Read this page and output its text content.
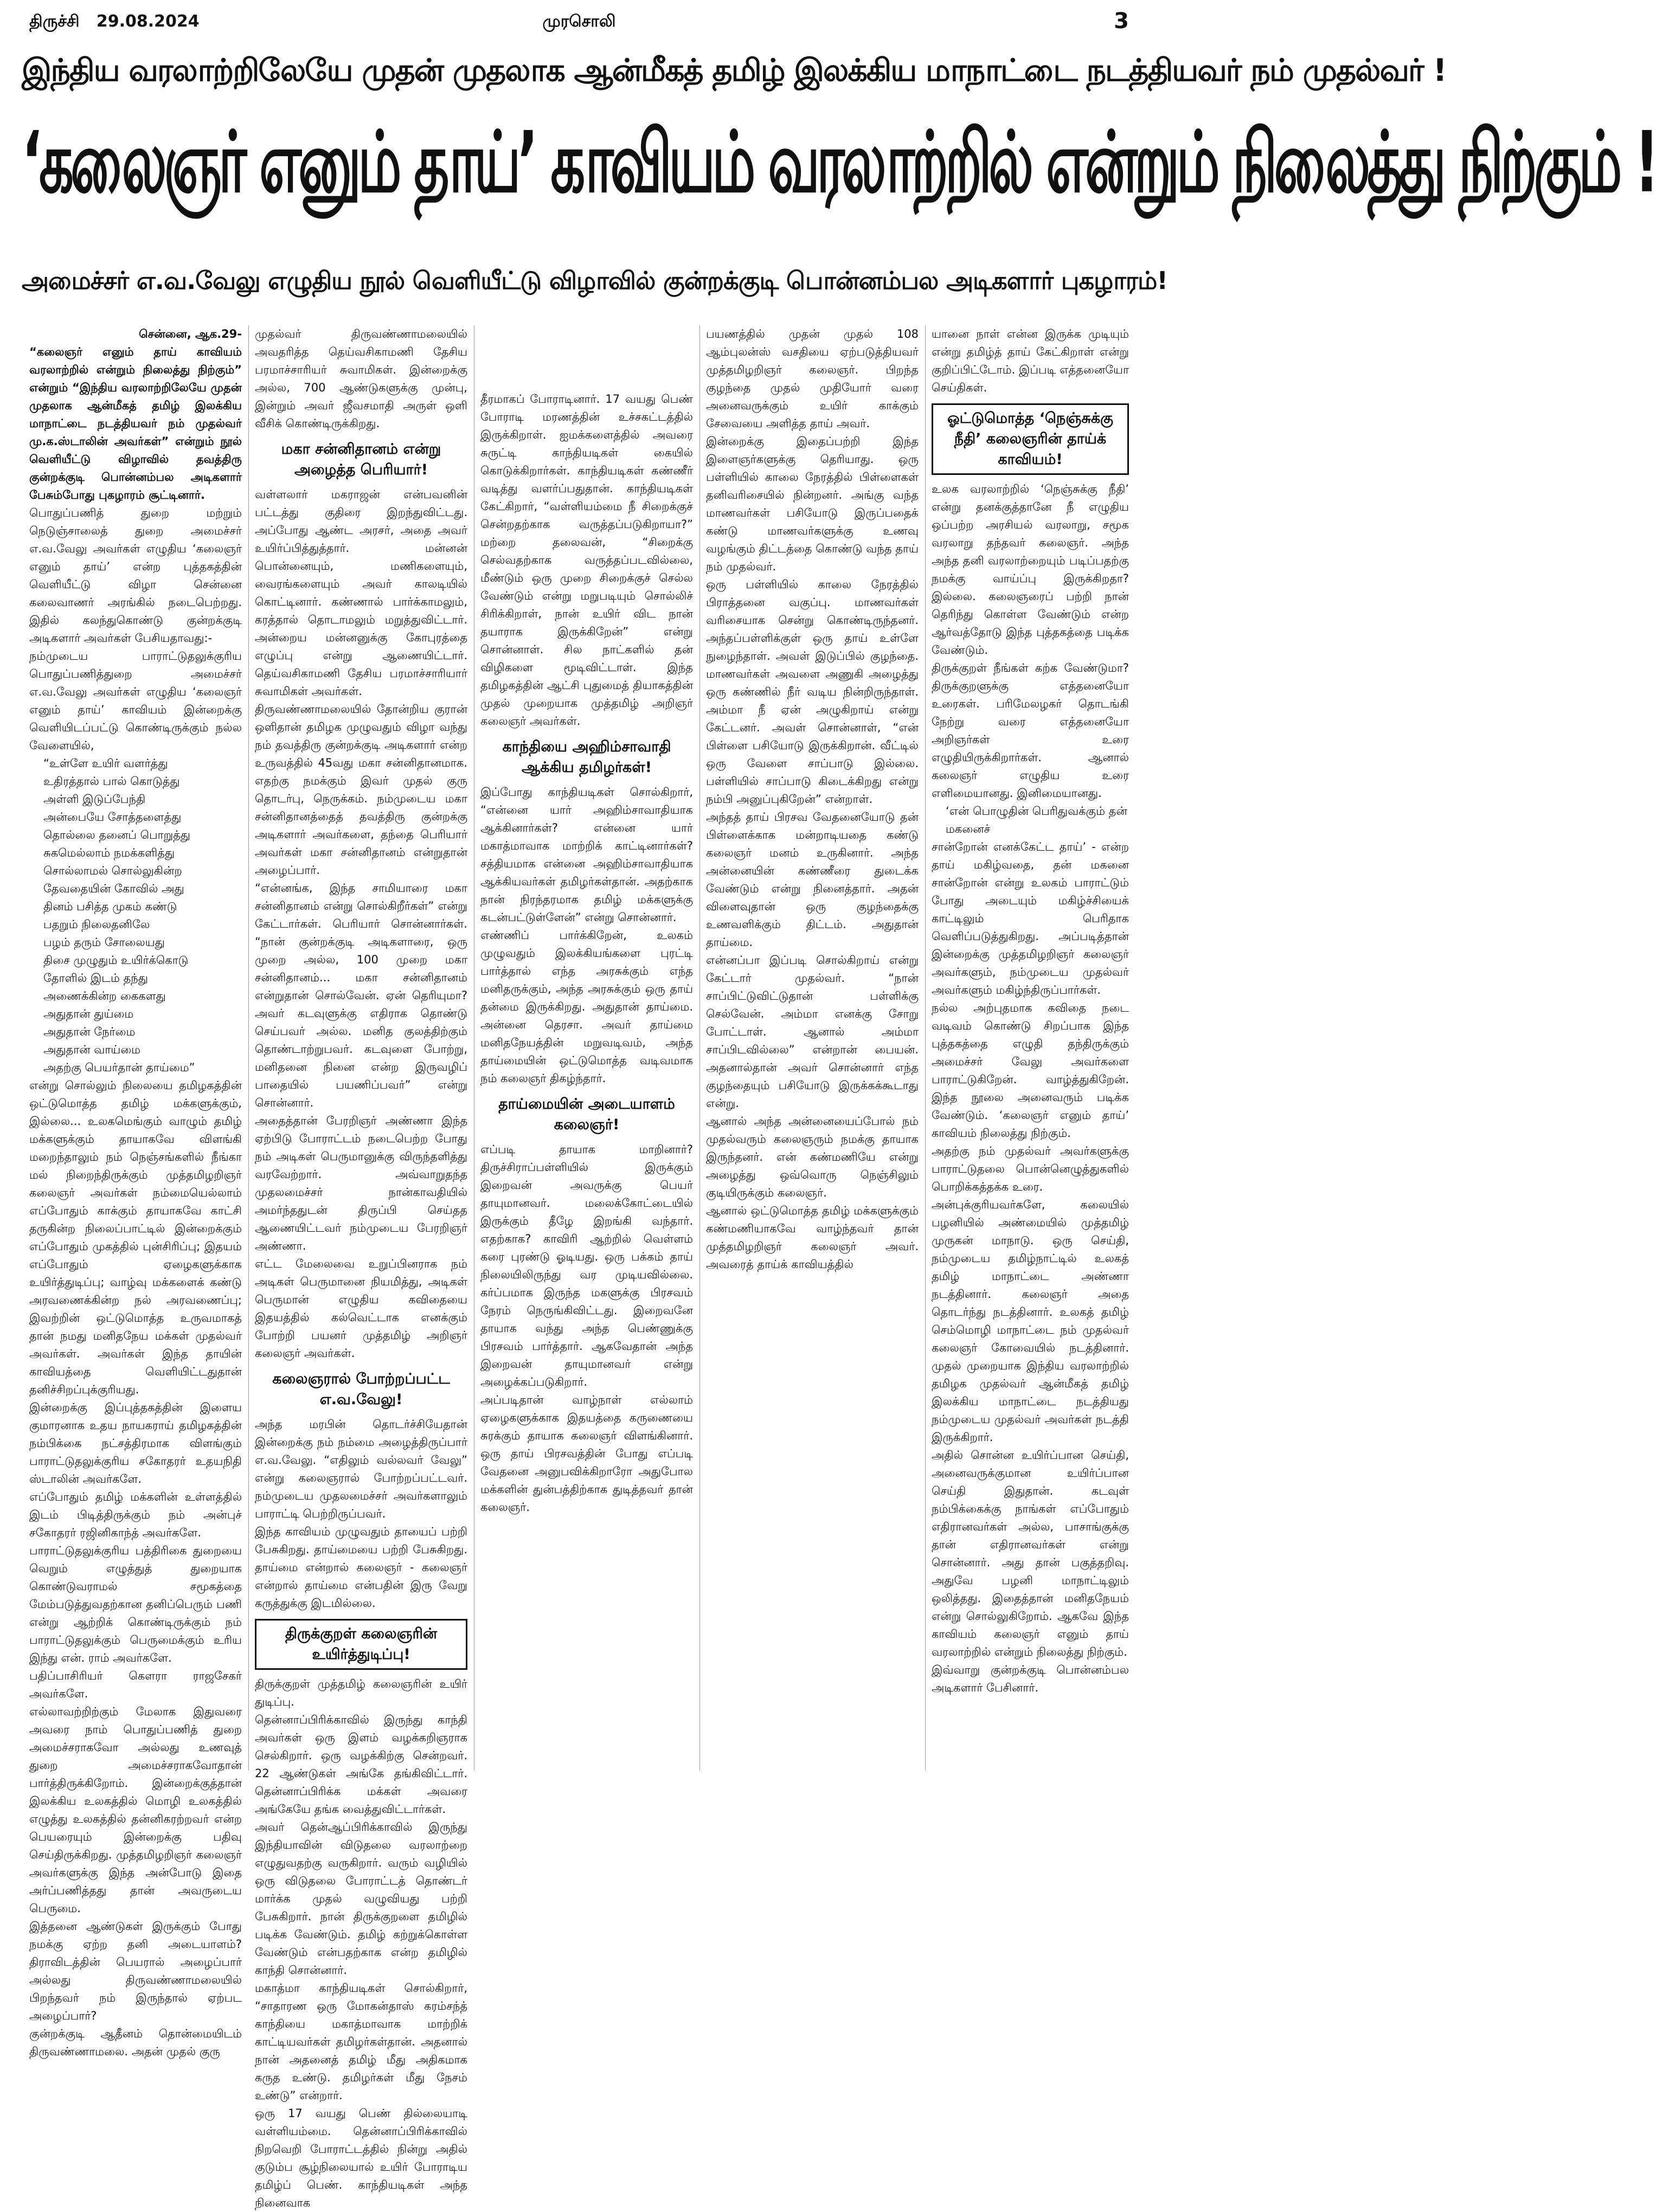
திருச்சி 29.08.2024	முரசொலி	3
இந்திய வரலாற்றிலேயே முதன் முதலாக ஆன்மீகத் தமிழ் இலக்கிய மாநாட்டை நடத்தியவர் நம் முதல்வர் !
‘கலைஞர் எனும் தாய்’ காவியம் வரலாற்றில் என்றும் நிலைத்து நிற்கும் !
அமைச்சர் எ.வ.வேலு எழுதிய நூல் வெளியீட்டு விழாவில் குன்றக்குடி பொன்னம்பல அடிகளார் புகழாரம்!

சென்னை, ஆக.29-

“கலைஞர் எனும் தாய் காவியம் வரலாற்றில் என்றும் நிலைத்து நிற்கும்” என்றும் “இந்திய வரலாற்றிலேயே முதன் முதலாக ஆன்மீகத் தமிழ் இலக்கிய மாநாட்டை நடத்தியவர் நம் முதல்வர் மு.க.ஸ்டாலின் அவர்கள்” என்றும் நூல் வெளியீட்டு விழாவில் தவத்திரு குன்றக்குடி பொன்னம்பல அடிகளார் பேசும்போது புகழாரம் சூட்டினார்.

பொதுப்பணித் துறை மற்றும் நெடுஞ்சாலைத் துறை அமைச்சர் எ.வ.வேலு அவர்கள் எழுதிய ‘கலைஞர் எனும் தாய்’ என்ற புத்தகத்தின் வெளியீட்டு விழா சென்னை கலைவாணர் அரங்கில் நடைபெற்றது. இதில் கலந்துகொண்டு குன்றக்குடி அடிகளார் அவர்கள் பேசியதாவது:-

நம்முடைய பாராட்டுதலுக்குரிய பொதுப்பணித்துறை அமைச்சர் எ.வ.வேலு அவர்கள் எழுதிய ‘கலைஞர் எனும் தாய்’ காவியம் இன்றைக்கு வெளியிடப்பட்டு கொண்டிருக்கும் நல்ல வேளையில்,

“உள்ளே உயிர் வளர்த்து

உதிரத்தால் பால் கொடுத்து

அள்ளி இடுப்பேந்தி

அன்பையே சோத்தளைத்து

தொல்லை தனைப் பொறுத்து

சுகமெல்லாம் நமக்களித்து

சொல்லாமல் சொல்லுகின்ற

தேவதையின் கோவில் அது

தினம் பசித்த முகம் கண்டு

பதறும் நிலைதனிலே

பழம் தரும் சோலையது

திசை முழுதும் உயிர்க்கொடு

தோளில் இடம் தந்து

அணைக்கின்ற கைகளது

அதுதான் துய்மை

அதுதான் நேர்மை

அதுதான் வாய்மை

அதற்கு பெயர்தான் தாய்மை”

என்று சொல்லும் நிலையை தமிழகத்தின் ஒட்டுமொத்த தமிழ் மக்களுக்கும், இல்லை... உலகமெங்கும் வாழும் தமிழ் மக்களுக்கும் தாயாகவே விளங்கி மறைந்தாலும் நம் நெஞ்சங்களில் நீங்கா மல் நிறைந்திருக்கும் முத்தமிழறிஞர் கலைஞர் அவர்கள் நம்மையெல்லாம் எப்போதும் காக்கும் தாயாகவே காட்சி தருகின்ற நிலைப்பாட்டில் இன்றைக்கும் எப்போதும் முகத்தில் புன்சிரிப்பு; இதயம் எப்போதும் ஏழைகளுக்காக உயிர்த்துடிப்பு; வாழ்வு மக்களைக் கண்டு அரவணைக்கின்ற நல் அரவணைப்பு; இவற்றின் ஒட்டுமொத்த உருவமாகத் தான் நமது மனிதநேய மக்கள் முதல்வர் அவர்கள். அவர்கள் இந்த தாயின் காவியத்தை வெளியிட்டதுதான் தனிச்சிறப்புக்குரியது.

இன்றைக்கு இப்புத்தகத்தின் இளைய குமாரனாக உதய நாயகராய் தமிழகத்தின் நம்பிக்கை நட்சத்திரமாக விளங்கும் பாராட்டுதலுக்குரிய சகோதரர் உதயநிதி ஸ்டாலின் அவர்களே.

எப்போதும் தமிழ் மக்களின் உள்ளத்தில் இடம் பிடித்திருக்கும் நம் அன்புச் சகோதரர் ரஜினிகாந்த் அவர்களே.

பாராட்டுதலுக்குரிய பத்திரிகை துறையை வெறும் எழுத்துத் துறையாக கொண்டுவராமல் சமூகத்தை மேம்படுத்துவதற்கான தனிப்பெரும் பணி என்று ஆற்றிக் கொண்டிருக்கும் நம் பாராட்டுதலுக்கும் பெருமைக்கும் உரிய இந்து என். ராம் அவர்களே.

பதிப்பாசிரியர் கௌரா ராஜசேகர் அவர்களே.

எல்லாவற்றிற்கும் மேலாக இதுவரை அவரை நாம் பொதுப்பணித் துறை அமைச்சராகவோ அல்லது உணவுத் துறை அமைச்சராகவோதான் பார்த்திருக்கிறோம். இன்றைக்குத்தான் இலக்கிய உலகத்தில் மொழி உலகத்தில் எழுத்து உலகத்தில் தன்னிகரற்றவர் என்ற பெயரையும் இன்றைக்கு பதிவு செய்திருக்கிறது. முத்தமிழறிஞர் கலைஞர் அவர்களுக்கு இந்த அன்போடு இதை அர்ப்பணித்தது தான் அவருடைய பெருமை.

இத்தனை ஆண்டுகள் இருக்கும் போது நமக்கு ஏற்ற தனி அடையாளம்? திராவிடத்தின் பெயரால் அழைப்பார் அல்லது திருவண்ணாமலையில் பிறந்தவர் நம் இருந்தால் ஏற்பட அழைப்பார்?

குன்றக்குடி ஆதீனம் தொன்மையிடம் திருவண்ணாமலை. அதன் முதல் குரு

முதல்வர் திருவண்ணாமலையில் அவதரித்த தெய்வசிகாமணி தேசிய பரமாச்சாரியர் சுவாமிகள். இன்றைக்கு அல்ல, 700 ஆண்டுகளுக்கு முன்பு, இன்றும் அவர் ஜீவசமாதி அருள் ஒளி வீசிக் கொண்டிருக்கிறது.

மகா சன்னிதானம் என்று அழைத்த பெரியார்!

வள்ளலார் மகராஜன் என்பவனின் பட்டத்து குதிரை இறந்துவிட்டது. அப்போது ஆண்ட அரசர், அதை அவர் உயிர்ப்பித்துத்தார். மன்னன் பொன்னையும், மணிகளையும், வைரங்களையும் அவர் காலடியில் கொட்டினார். கண்ணால் பார்க்காமலும், கரத்தால் தொடாமலும் மறுத்துவிட்டார். அன்றைய மன்னனுக்கு கோபுரத்தை எழுப்பு என்று ஆணையிட்டார். தெய்வசிகாமணி தேசிய பரமாச்சாரியார் சுவாமிகள் அவர்கள்.

திருவண்ணாமலையில் தோன்றிய குரான் ஒளிதான் தமிழக முழுவதும் விழா வந்து நம் தவத்திரு குன்றக்குடி அடிகளார் என்ற உருவத்தில் 45வது மகா சன்னிதானமாக. எதற்கு நமக்கும் இவர் முதல் குரு தொடர்பு, நெருக்கம். நம்முடைய மகா சன்னிதானத்தைத் தவத்திரு குன்றக்கு அடிகளார் அவர்களை, தந்தை பெரியார் அவர்கள் மகா சன்னிதானம் என்றுதான் அழைப்பார்.

“என்னங்க, இந்த சாமியாரை மகா சன்னிதானம் என்று சொல்கிறீர்கள்” என்று கேட்டார்கள். பெரியார் சொன்னார்கள். “நான் குன்றக்குடி அடிகளாரை, ஒரு முறை அல்ல, 100 முறை மகா சன்னிதானம்... மகா சன்னிதானம் என்றுதான் சொல்வேன். ஏன் தெரியுமா? அவர் கடவுளுக்கு எதிராக தொண்டு செய்பவர் அல்ல. மனித குலத்திற்கும் தொண்டாற்றுபவர். கடவுளை போற்று, மனிதனை நினை என்ற இருவழிப் பாதையில் பயணிப்பவர்” என்று சொன்னார்.

அதைத்தான் பேரறிஞர் அண்ணா இந்த ஏற்பிடு போராட்டம் நடைபெற்ற போது நம் அடிகள் பெருமானுக்கு விருந்தளித்து வரவேற்றார். அவ்வாறுதந்த முதலமைச்சர் நான்காவதியில் அமர்ந்ததுடன் திருப்பி செய்தத ஆணையிட்டவர் நம்முடைய பேரறிஞர் அண்ணா.

எட்ட மேலைவை உறுப்பினராக நம் அடிகள் பெருமானை நியமித்து, அடிகள் பெருமான் எழுதிய கவிதையை இதயத்தில் கல்வெட்டாக எனக்கும் போற்றி பயனர் முத்தமிழ் அறிஞர் கலைஞர் அவர்கள்.

கலைஞரால் போற்றப்பட்ட எ.வ.வேலு!

அந்த மரபின் தொடர்ச்சியேதான் இன்றைக்கு நம் நம்மை அழைத்திருப்பார் எ.வ.வேலு. “எதிலும் வல்லவர் வேலு” என்று கலைஞரால் போற்றப்பட்டவர். நம்முடைய முதலமைச்சர் அவர்களாலும் பாராட்டி பெற்றிருப்பவர்.

இந்த காவியம் முழுவதும் தாயைப் பற்றி பேசுகிறது. தாய்மையை பற்றி பேசுகிறது. தாய்மை என்றால் கலைஞர் - கலைஞர் என்றால் தாய்மை என்பதின் இரு வேறு கருத்துக்கு இடமில்லை.

திருக்குறள் கலைஞரின் உயிர்த்துடிப்பு!

திருக்குறள் முத்தமிழ் கலைஞரின் உயிர் துடிப்பு.

தென்னாப்பிரிக்காவில் இருந்து காந்தி அவர்கள் ஒரு இளம் வழக்கறிஞராக செல்கிறார். ஒரு வழக்கிற்கு சென்றவர். 22 ஆண்டுகள் அங்கே தங்கிவிட்டார். தென்னாப்பிரிக்க மக்கள் அவரை அங்கேயே தங்க வைத்துவிட்டார்கள்.

அவர் தென்ஆப்பிரிக்காவில் இருந்து இந்தியாவின் விடுதலை வரலாற்றை எழுதுவதற்கு வருகிறார். வரும் வழியில் ஒரு விடுதலை போராட்டத் தொண்டர் மார்க்க முதல் வழுவியது பற்றி பேசுகிறார். நான் திருக்குறளை தமிழில் படிக்க வேண்டும். தமிழ் கற்றுக்கொள்ள வேண்டும் என்பதற்காக என்ற தமிழில் காந்தி சொன்னார்.

மகாத்மா காந்தியடிகள் சொல்கிறார், “சாதாரண ஒரு மோகன்தாஸ் கரம்சந்த் காந்தியை மகாத்மாவாக மாற்றிக் காட்டியவர்கள் தமிழர்கள்தான். அதனால் நான் அதனைத் தமிழ் மீது அதிகமாக கருத உண்டு. தமிழர்கள் மீது நேசம் உண்டு” என்றார்.

ஒரு 17 வயது பெண் தில்லையாடி வள்ளியம்மை. தென்னாப்பிரிக்காவில் நிறவெறி போராட்டத்தில் நின்று அதில் குடும்ப சூழ்நிலையால் உயிர் போராடிய தமிழ்ப் பெண். காந்தியடிகள் அந்த நினைவாக

தீரமாகப் போராடினார். 17 வயது பெண் போராடி மரணத்தின் உச்சகட்டத்தில் இருக்கிறாள். ஐமக்களைத்தில் அவரை சுருட்டி காந்தியடிகள் கையில் கொடுக்கிறார்கள். காந்தியடிகள் கண்ணீர் வடித்து வளர்ப்பதுதான். காந்தியடிகள் கேட்கிறார், “வள்ளியம்மை நீ சிறைக்குச் சென்றதற்காக வருத்தப்படுகிறாயா?” மற்றை தலைவன், “சிறைக்கு செல்வதற்காக வருத்தப்படவில்லை, மீண்டும் ஒரு முறை சிறைக்குச் செல்ல வேண்டும் என்று மறுபடியும் சொல்லிச் சிரிக்கிறாள், நான் உயிர் விட நான் தயாராக இருக்கிறேன்” என்று சொன்னாள். சில நாட்களில் தன் விழிகளை மூடிவிட்டாள். இந்த தமிழகத்தின் ஆட்சி புதுமைத் தியாகத்தின் முதல் முறையாக முத்தமிழ் அறிஞர் கலைஞர் அவர்கள்.

காந்தியை அஹிம்சாவாதி ஆக்கிய தமிழர்கள்!

இப்போது காந்தியடிகள் சொல்கிறார், “என்னை யார் அஹிம்சாவாதியாக ஆக்கினார்கள்? என்னை யார் மகாத்மாவாக மாற்றிக் காட்டினார்கள்? சத்தியமாக என்னை அஹிம்சாவாதியாக ஆக்கியவர்கள் தமிழர்கள்தான். அதற்காக நான் நிரந்தரமாக தமிழ் மக்களுக்கு கடன்பட்டுள்ளேன்” என்று சொன்னார்.

எண்ணிப் பார்க்கிறேன், உலகம் முழுவதும் இலக்கியங்களை புரட்டி பார்த்தால் எந்த அரசுக்கும் எந்த மனிதருக்கும், அந்த அரசுக்கும் ஒரு தாய் தன்மை இருக்கிறது. அதுதான் தாய்மை. அன்னை தெரசா. அவர் தாய்மை மனிதநேயத்தின் மறுவடிவம், அந்த தாய்மையின் ஒட்டுமொத்த வடிவமாக நம் கலைஞர் திகழ்ந்தார்.

தாய்மையின் அடையாளம் கலைஞர்!

எப்படி தாயாக மாறினார்? திருச்சிராப்பள்ளியில் இருக்கும் இறைவன் அவருக்கு பெயர் தாயுமானவர். மலைக்கோட்டையில் இருக்கும் தீழே இறங்கி வந்தார். எதற்காக? காவிரி ஆற்றில் வெள்ளம் கரை புரண்டு ஓடியது. ஒரு பக்கம் தாய் நிலையிலிருந்து வர முடியவில்லை. கர்ப்பமாக இருந்த மகளுக்கு பிரசவம் நேரம் நெருங்கிவிட்டது. இறைவனே தாயாக வந்து அந்த பெண்ணுக்கு பிரசவம் பார்த்தார். ஆகவேதான் அந்த இறைவன் தாயுமானவர் என்று அழைக்கப்படுகிறார்.

அப்படிதான் வாழ்நாள் எல்லாம் ஏழைகளுக்காக இதயத்தை கருணையை சுரக்கும் தாயாக கலைஞர் விளங்கினார். ஒரு தாய் பிரசவத்தின் போது எப்படி வேதனை அனுபவிக்கிறாரோ அதுபோல மக்களின் துன்பத்திற்காக துடித்தவர் தான் கலைஞர்.

பயணத்தில் முதன் முதல் 108 ஆம்புலன்ஸ் வசதியை ஏற்படுத்தியவர் முத்தமிழறிஞர் கலைஞர். பிறந்த குழந்தை முதல் முதியோர் வரை அனைவருக்கும் உயிர் காக்கும் சேவையை அளித்த தாய் அவர்.

இன்றைக்கு இதைப்பற்றி இந்த இளைஞர்களுக்கு தெரியாது. ஒரு பள்ளியில் காலை நேரத்தில் பிள்ளைகள் தனிவரிசையில் நின்றனர். அங்கு வந்த மாணவர்கள் பசியோடு இருப்பதைக் கண்டு மாணவர்களுக்கு உணவு வழங்கும் திட்டத்தை கொண்டு வந்த தாய் நம் முதல்வர்.

ஒரு பள்ளியில் காலை நேரத்தில் பிராத்தனை வகுப்பு. மாணவர்கள் வரிசையாக சென்று கொண்டிருந்தனர். அந்தப்பள்ளிக்குள் ஒரு தாய் உள்ளே நுழைந்தாள். அவள் இடுப்பில் குழந்தை. மாணவர்கள் அவளை அணுகி அழைத்து ஒரு கண்ணில் நீர் வடிய நின்றிருந்தாள். அம்மா நீ ஏன் அழுகிறாய் என்று கேட்டனர். அவள் சொன்னாள், “என் பிள்ளை பசியோடு இருக்கிறான். வீட்டில் ஒரு வேளை சாப்பாடு இல்லை. பள்ளியில் சாப்பாடு கிடைக்கிறது என்று நம்பி அனுப்புகிறேன்” என்றாள்.

அந்தத் தாய் பிரசவ வேதனையோடு தன் பிள்ளைக்காக மன்றாடியதை கண்டு கலைஞர் மனம் உருகினார். அந்த அன்னையின் கண்ணீரை துடைக்க வேண்டும் என்று நினைத்தார். அதன் விளைவுதான் ஒரு குழந்தைக்கு உணவளிக்கும் திட்டம். அதுதான் தாய்மை.

என்னப்பா இப்படி சொல்கிறாய் என்று கேட்டார் முதல்வர். “நான் சாப்பிட்டுவிட்டுதான் பள்ளிக்கு செல்வேன். அம்மா எனக்கு சோறு போட்டாள். ஆனால் அம்மா சாப்பிடவில்லை” என்றான் பையன். அதனால்தான் அவர் சொன்னார் எந்த குழந்தையும் பசியோடு இருக்கக்கூடாது என்று.

ஆனால் அந்த அன்னையைப்போல் நம் முதல்வரும் கலைஞரும் நமக்கு தாயாக இருந்தனர். என் கண்மணியே என்று அழைத்து ஒவ்வொரு நெஞ்சிலும் குடியிருக்கும் கலைஞர்.

ஆனால் ஒட்டுமொத்த தமிழ் மக்களுக்கும் கண்மணியாகவே வாழ்ந்தவர் தான் முத்தமிழறிஞர் கலைஞர் அவர். அவரைத் தாய்க் காவியத்தில்

யானை நாள் என்ன இருக்க முடியும் என்று தமிழ்த் தாய் கேட்கிறாள் என்று குறிப்பிட்டோம். இப்படி எத்தனையோ செய்திகள்.

ஓட்டுமொத்த ‘நெஞ்சுக்கு நீதி’ கலைஞரின் தாய்க் காவியம்!

உலக வரலாற்றில் ‘நெஞ்சுக்கு நீதி’ என்று தனக்குத்தானே நீ எழுதிய ஒப்பற்ற அரசியல் வரலாறு, சமூக வரலாறு தந்தவர் கலைஞர். அந்த அந்த தனி வரலாற்றையும் படிப்பதற்கு நமக்கு வாய்ப்பு இருக்கிறதா? இல்லை. கலைஞரைப் பற்றி நான் தெரிந்து கொள்ள வேண்டும் என்ற ஆர்வத்தோடு இந்த புத்தகத்தை படிக்க வேண்டும்.

திருக்குறள் நீங்கள் கற்க வேண்டுமா? திருக்குறளுக்கு எத்தனையோ உரைகள். பரிமேலழகர் தொடங்கி நேற்று வரை எத்தனையோ அறிஞர்கள் உரை எழுதியிருக்கிறார்கள். ஆனால் கலைஞர் எழுதிய உரை எளிமையானது. இனிமையானது.

‘என் பொழுதின் பெரிதுவக்கும் தன் மகனைச்

சான்றோன் எனக்கேட்ட தாய்’ - என்ற தாய் மகிழ்வதை, தன் மகனை சான்றோன் என்று உலகம் பாராட்டும் போது அடையும் மகிழ்ச்சியைக் காட்டிலும் பெரிதாக வெளிப்படுத்துகிறது. அப்படித்தான் இன்றைக்கு முத்தமிழறிஞர் கலைஞர் அவர்களும், நம்முடைய முதல்வர் அவர்களும் மகிழ்ந்திருப்பார்கள்.

நல்ல அற்புதமாக கவிதை நடை வடிவம் கொண்டு சிறப்பாக இந்த புத்தகத்தை எழுதி தந்திருக்கும் அமைச்சர் வேலு அவர்களை பாராட்டுகிறேன். வாழ்த்துகிறேன். இந்த நூலை அனைவரும் படிக்க வேண்டும். ‘கலைஞர் எனும் தாய்’ காவியம் நிலைத்து நிற்கும்.

அதற்கு நம் முதல்வர் அவர்களுக்கு பாராட்டுதலை பொன்னெழுத்துகளில் பொறிக்கத்தக்க உரை.

அன்புக்குரியவர்களே, கலையில் பழனியில் அண்மையில் முத்தமிழ் முருகன் மாநாடு. ஒரு செய்தி, நம்முடைய தமிழ்நாட்டில் உலகத் தமிழ் மாநாட்டை அண்ணா நடத்தினார். கலைஞர் அதை தொடர்ந்து நடத்தினார். உலகத் தமிழ் செம்மொழி மாநாட்டை நம் முதல்வர் கலைஞர் கோவையில் நடத்தினார். முதல் முறையாக இந்திய வரலாற்றில் தமிழக முதல்வர் ஆன்மீகத் தமிழ் இலக்கிய மாநாட்டை நடத்தியது நம்முடைய முதல்வர் அவர்கள் நடத்தி இருக்கிறார்.

அதில் சொன்ன உயிர்ப்பான செய்தி, அனைவருக்குமான உயிர்ப்பான செய்தி இதுதான். கடவுள் நம்பிக்கைக்கு நாங்கள் எப்போதும் எதிரானவர்கள் அல்ல, பாசாங்குக்கு தான் எதிரானவர்கள் என்று சொன்னார். அது தான் பகுத்தறிவு. அதுவே பழனி மாநாட்டிலும் ஒலித்தது. இதைத்தான் மனிதநேயம் என்று சொல்லுகிறோம். ஆகவே இந்த காவியம் கலைஞர் எனும் தாய் வரலாற்றில் என்றும் நிலைத்து நிற்கும்.

இவ்வாறு குன்றக்குடி பொன்னம்பல அடிகளார் பேசினார்.
